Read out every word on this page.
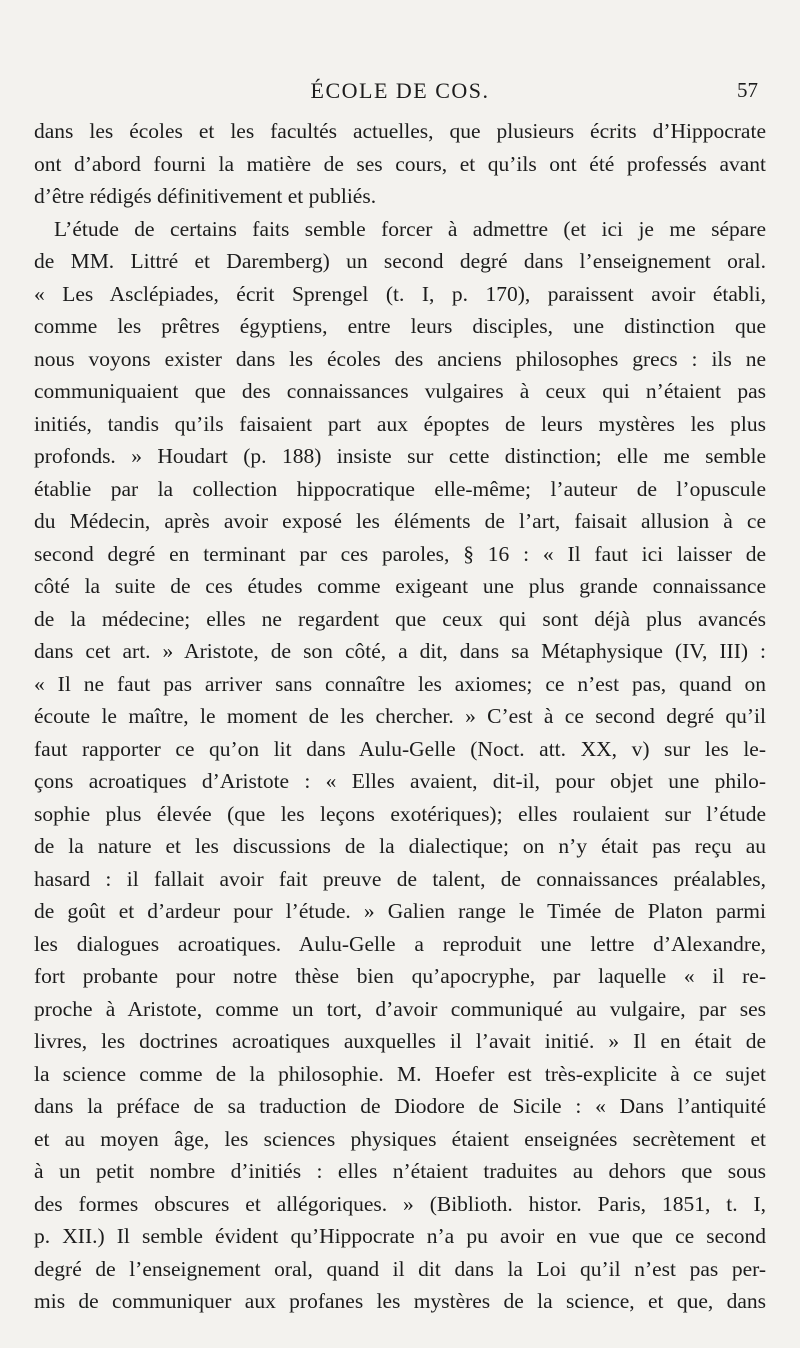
ÉCOLE DE COS.	57
dans les écoles et les facultés actuelles, que plusieurs écrits d’Hippocrate
ont d’abord fourni la matière de ses cours, et qu’ils ont été professés avant
d’être rédigés définitivement et publiés.
L’étude de certains faits semble forcer à admettre (et ici je me sépare
de MM. Littré et Daremberg) un second degré dans l’enseignement oral.
« Les Asclépiades, écrit Sprengel (t. I, p. 170), paraissent avoir établi,
comme les prêtres égyptiens, entre leurs disciples, une distinction que
nous voyons exister dans les écoles des anciens philosophes grecs : ils ne
communiquaient que des connaissances vulgaires à ceux qui n’étaient pas
initiés, tandis qu’ils faisaient part aux époptes de leurs mystères les plus
profonds. » Houdart (p. 188) insiste sur cette distinction; elle me semble
établie par la collection hippocratique elle-même; l’auteur de l’opuscule
du Médecin, après avoir exposé les éléments de l’art, faisait allusion à ce
second degré en terminant par ces paroles, § 16 : « Il faut ici laisser de
côté la suite de ces études comme exigeant une plus grande connaissance
de la médecine; elles ne regardent que ceux qui sont déjà plus avancés
dans cet art. » Aristote, de son côté, a dit, dans sa Métaphysique (IV, III) :
« Il ne faut pas arriver sans connaître les axiomes; ce n’est pas, quand on
écoute le maître, le moment de les chercher. » C’est à ce second degré qu’il
faut rapporter ce qu’on lit dans Aulu-Gelle (Noct. att. XX, v) sur les le-
çons acroatiques d’Aristote : « Elles avaient, dit-il, pour objet une philo-
sophie plus élevée (que les leçons exotériques); elles roulaient sur l’étude
de la nature et les discussions de la dialectique; on n’y était pas reçu au
hasard : il fallait avoir fait preuve de talent, de connaissances préalables,
de goût et d’ardeur pour l’étude. » Galien range le Timée de Platon parmi
les dialogues acroatiques. Aulu-Gelle a reproduit une lettre d’Alexandre,
fort probante pour notre thèse bien qu’apocryphe, par laquelle « il re-
proche à Aristote, comme un tort, d’avoir communiqué au vulgaire, par ses
livres, les doctrines acroatiques auxquelles il l’avait initié. » Il en était de
la science comme de la philosophie. M. Hoefer est très-explicite à ce sujet
dans la préface de sa traduction de Diodore de Sicile : « Dans l’antiquité
et au moyen âge, les sciences physiques étaient enseignées secrètement et
à un petit nombre d’initiés : elles n’étaient traduites au dehors que sous
des formes obscures et allégoriques. » (Biblioth. histor. Paris, 1851, t. I,
p. XII.) Il semble évident qu’Hippocrate n’a pu avoir en vue que ce second
degré de l’enseignement oral, quand il dit dans la Loi qu’il n’est pas per-
mis de communiquer aux profanes les mystères de la science, et que, dans
